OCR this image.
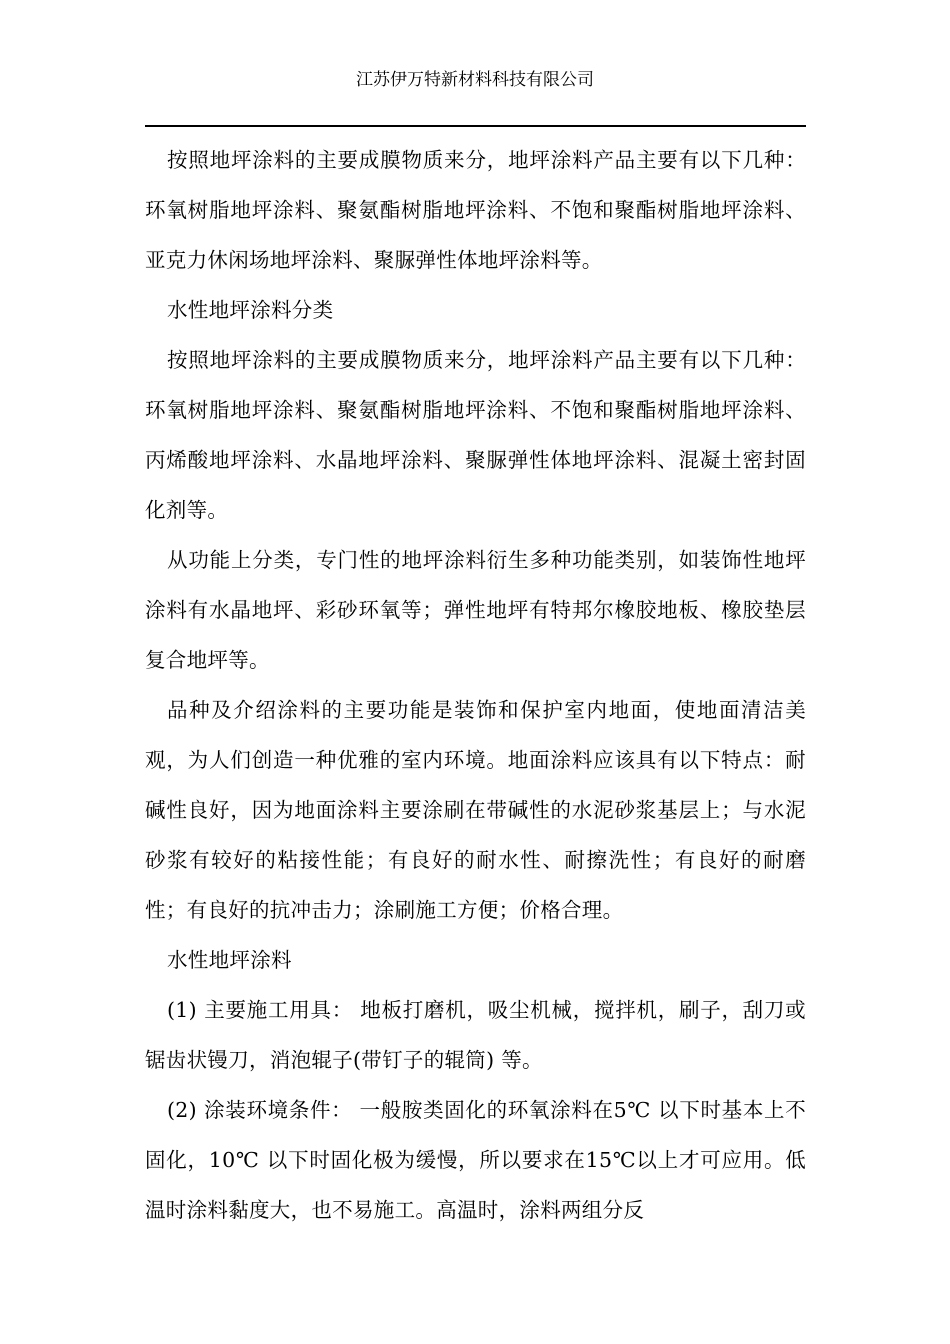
江苏伊万特新材料科技有限公司

按照地坪涂料的主要成膜物质来分，地坪涂料产品主要有以下几种：环氧树脂地坪涂料、聚氨酯树脂地坪涂料、不饱和聚酯树脂地坪涂料、亚克力休闲场地坪涂料、聚脲弹性体地坪涂料等。

水性地坪涂料分类

按照地坪涂料的主要成膜物质来分，地坪涂料产品主要有以下几种：环氧树脂地坪涂料、聚氨酯树脂地坪涂料、不饱和聚酯树脂地坪涂料、丙烯酸地坪涂料、水晶地坪涂料、聚脲弹性体地坪涂料、混凝土密封固化剂等。

从功能上分类，专门性的地坪涂料衍生多种功能类别，如装饰性地坪涂料有水晶地坪、彩砂环氧等；弹性地坪有特邦尔橡胶地板、橡胶垫层复合地坪等。

品种及介绍涂料的主要功能是装饰和保护室内地面，使地面清洁美观，为人们创造一种优雅的室内环境。地面涂料应该具有以下特点：耐碱性良好，因为地面涂料主要涂刷在带碱性的水泥砂浆基层上；与水泥砂浆有较好的粘接性能；有良好的耐水性、耐擦洗性；有良好的耐磨性；有良好的抗冲击力；涂刷施工方便；价格合理。

水性地坪涂料

(1) 主要施工用具： 地板打磨机，吸尘机械，搅拌机，刷子，刮刀或锯齿状镘刀，消泡辊子(带钉子的辊筒) 等。

(2) 涂装环境条件： 一般胺类固化的环氧涂料在5℃ 以下时基本上不固化，10℃ 以下时固化极为缓慢，所以要求在15℃以上才可应用。低温时涂料黏度大，也不易施工。高温时，涂料两组分反
